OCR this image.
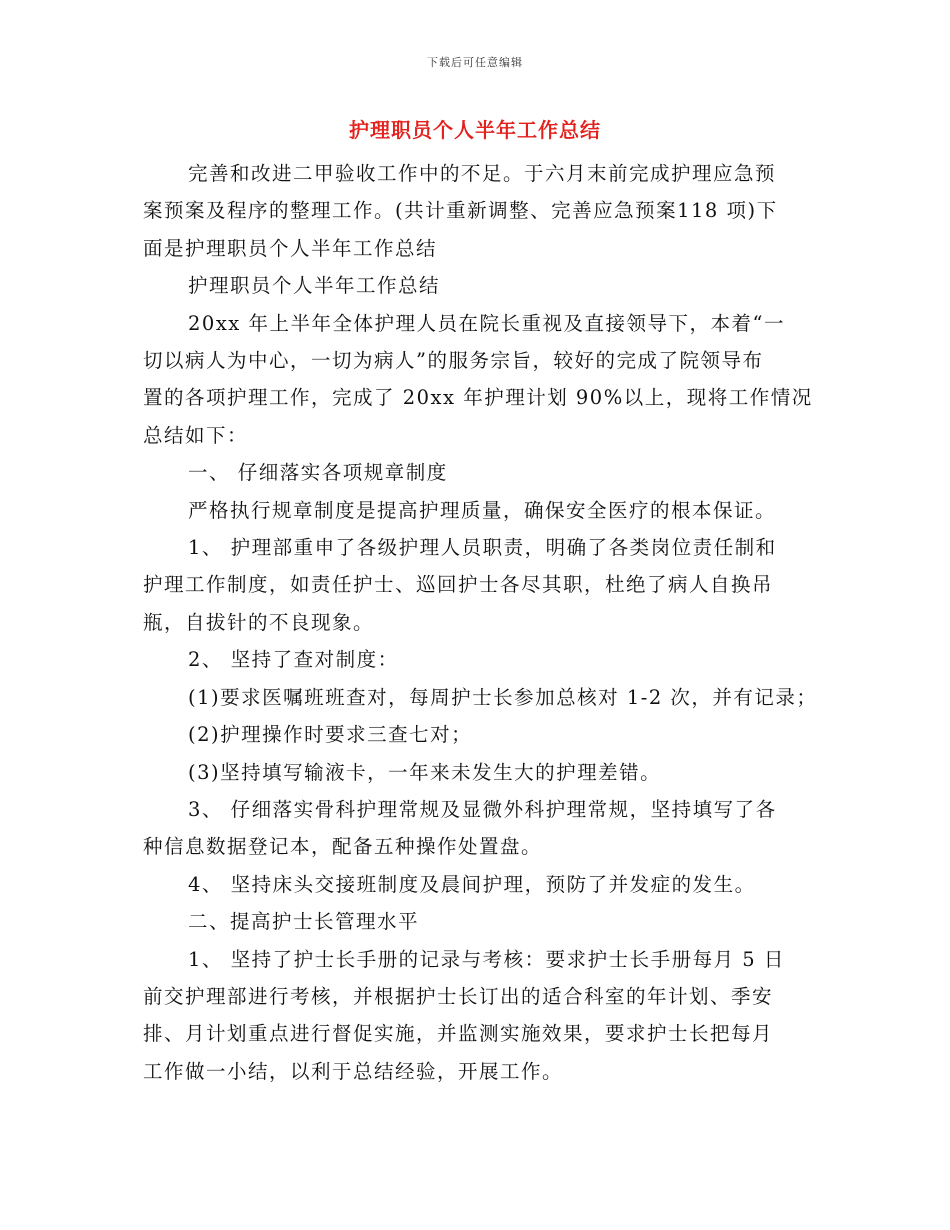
下载后可任意编辑
护理职员个人半年工作总结

完善和改进二甲验收工作中的不足。于六月末前完成护理应急预

案预案及程序的整理工作。(共计重新调整、完善应急预案118 项)下

面是护理职员个人半年工作总结

护理职员个人半年工作总结

20xx 年上半年全体护理人员在院长重视及直接领导下，本着“一

切以病人为中心，一切为病人”的服务宗旨，较好的完成了院领导布

置的各项护理工作，完成了 20xx 年护理计划 90%以上，现将工作情况

总结如下：

一、 仔细落实各项规章制度

严格执行规章制度是提高护理质量，确保安全医疗的根本保证。

1、 护理部重申了各级护理人员职责，明确了各类岗位责任制和

护理工作制度，如责任护士、巡回护士各尽其职，杜绝了病人自换吊

瓶，自拔针的不良现象。

2、 坚持了查对制度：

(1)要求医嘱班班查对，每周护士长参加总核对 1-2 次，并有记录；

(2)护理操作时要求三查七对；

(3)坚持填写输液卡，一年来未发生大的护理差错。

3、 仔细落实骨科护理常规及显微外科护理常规，坚持填写了各

种信息数据登记本，配备五种操作处置盘。

4、 坚持床头交接班制度及晨间护理，预防了并发症的发生。

二、提高护士长管理水平

1、 坚持了护士长手册的记录与考核：要求护士长手册每月 5 日

前交护理部进行考核，并根据护士长订出的适合科室的年计划、季安

排、月计划重点进行督促实施，并监测实施效果，要求护士长把每月

工作做一小结，以利于总结经验，开展工作。
